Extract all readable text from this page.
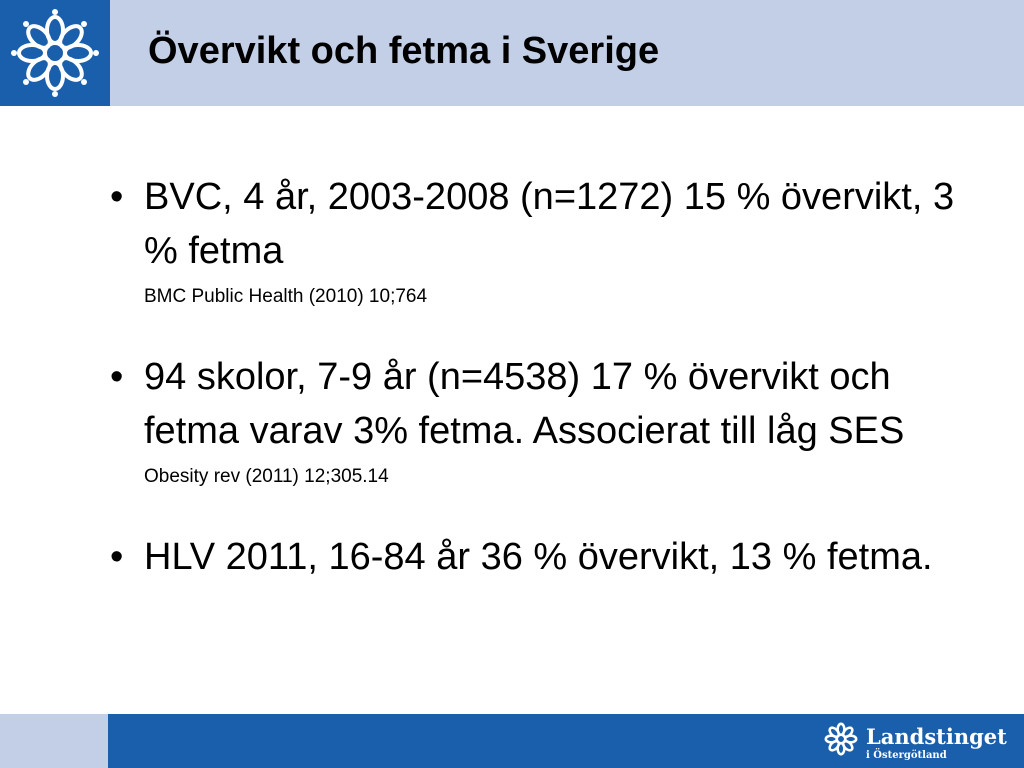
Övervikt och fetma i Sverige
• BVC, 4 år, 2003-2008 (n=1272) 15 % övervikt, 3 % fetma
BMC Public Health (2010) 10;764
• 94 skolor, 7-9 år (n=4538) 17 % övervikt och fetma varav 3% fetma. Associerat till låg SES
Obesity rev (2011) 12;305.14
• HLV 2011, 16-84 år 36 % övervikt, 13 % fetma.
Landstinget
i Östergötland
